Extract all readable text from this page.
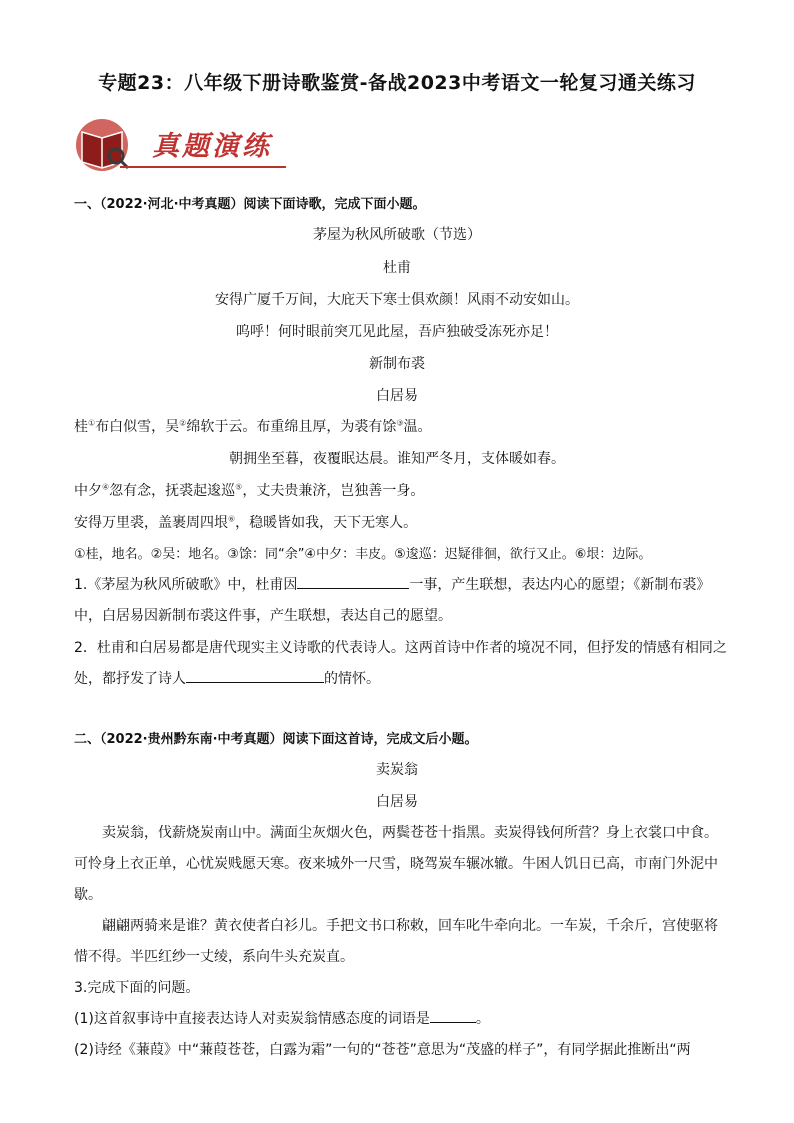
专题23：八年级下册诗歌鉴赏-备战2023中考语文一轮复习通关练习
真题演练
一、（2022·河北·中考真题）阅读下面诗歌，完成下面小题。
茅屋为秋风所破歌（节选）
杜甫
安得广厦千万间，大庇天下寒士俱欢颜！风雨不动安如山。
呜呼！何时眼前突兀见此屋，吾庐独破受冻死亦足！
新制布裘
白居易
桂①布白似雪，吴②绵软于云。布重绵且厚，为裘有馀③温。
朝拥坐至暮，夜覆眠达晨。谁知严冬月，支体暖如春。
中夕④忽有念，抚裘起逡巡⑤，丈夫贵兼济，岂独善一身。
安得万里裘，盖裹周四垠⑥，稳暖皆如我，天下无寒人。
①桂，地名。②吴：地名。③馀：同“余”④中夕：丰皮。⑤逡巡：迟疑徘徊，欲行又止。⑥垠：边际。
1.《茅屋为秋风所破歌》中，杜甫因	一事，产生联想，表达内心的愿望；《新制布裘》
中，白居易因新制布裘这件事，产生联想，表达自己的愿望。
2．杜甫和白居易都是唐代现实主义诗歌的代表诗人。这两首诗中作者的境况不同，但抒发的情感有相同之
处，都抒发了诗人	的情怀。
二、（2022·贵州黔东南·中考真题）阅读下面这首诗，完成文后小题。
卖炭翁
白居易
卖炭翁，伐薪烧炭南山中。满面尘灰烟火色，两鬓苍苍十指黑。卖炭得钱何所营？身上衣裳口中食。
可怜身上衣正单，心忧炭贱愿天寒。夜来城外一尺雪，晓驾炭车辗冰辙。牛困人饥日已高，市南门外泥中
歇。
翩翩两骑来是谁？黄衣使者白衫儿。手把文书口称敕，回车叱牛牵向北。一车炭，千余斤，宫使驱将
惜不得。半匹红纱一丈绫，系向牛头充炭直。
3.完成下面的问题。
(1)这首叙事诗中直接表达诗人对卖炭翁情感态度的词语是	。
(2)诗经《蒹葭》中“蒹葭苍苍，白露为霜”一句的“苍苍”意思为“茂盛的样子”，有同学据此推断出“两
